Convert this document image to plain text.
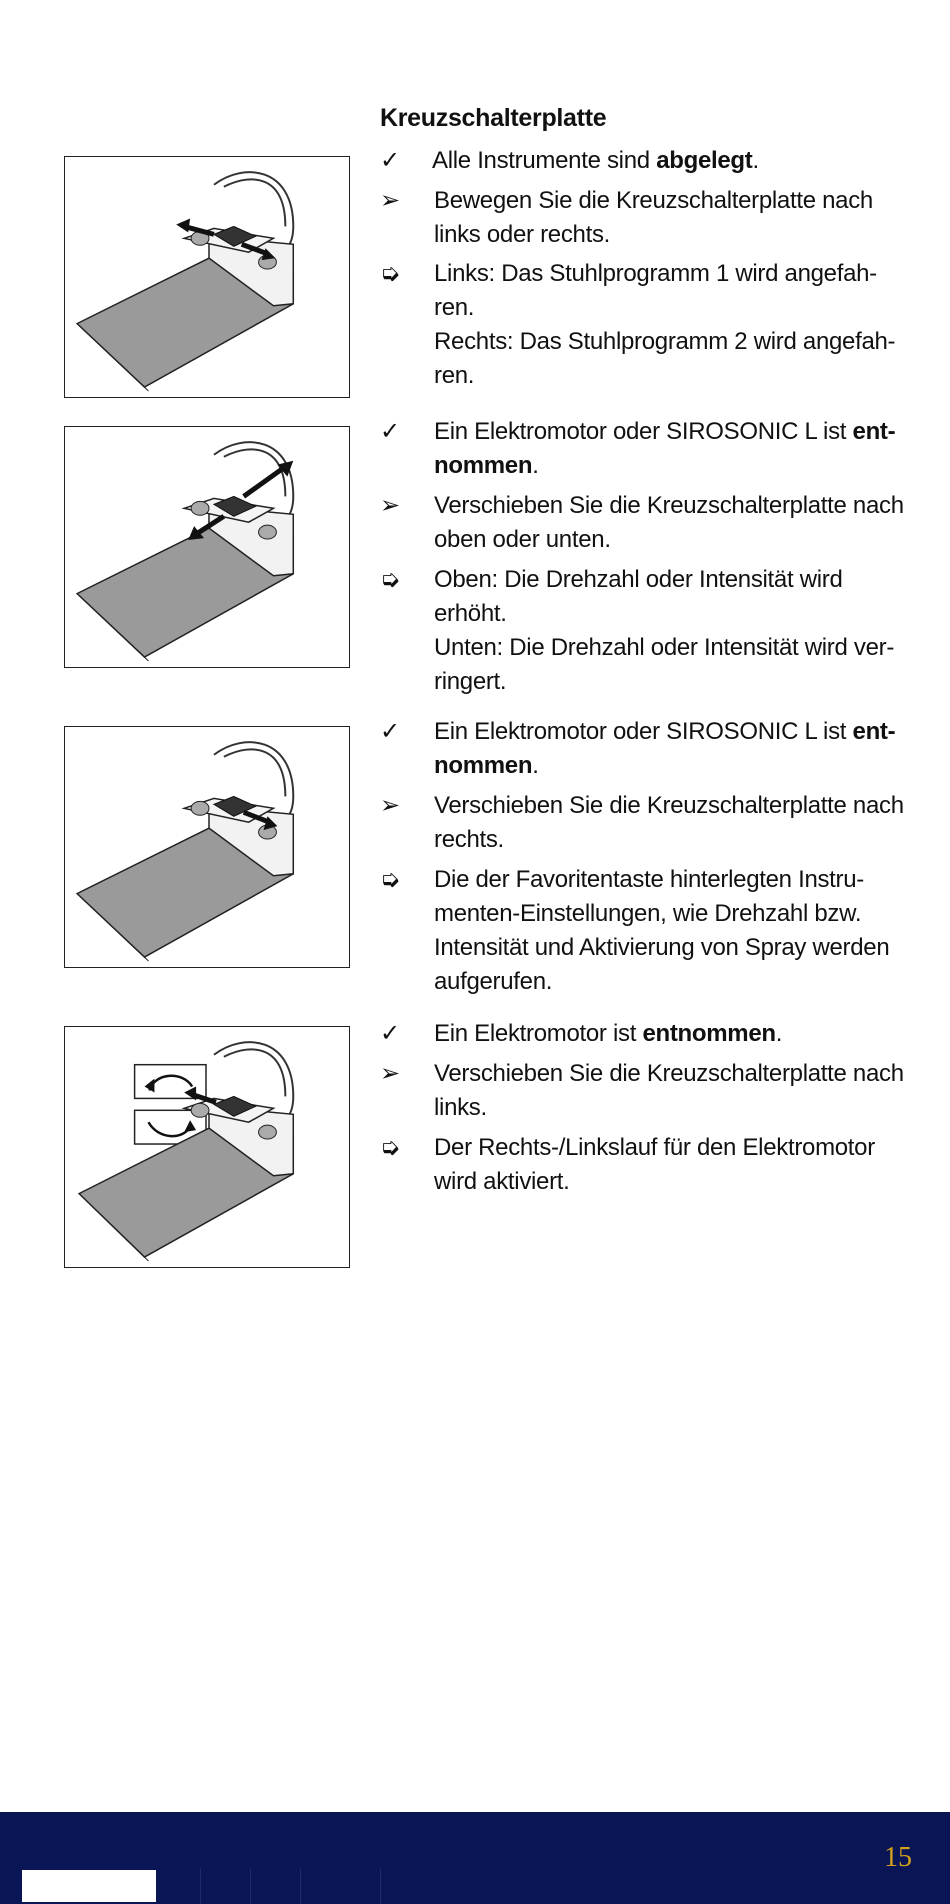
Kreuzschalterplatte
✓	Alle Instrumente sind abgelegt.
➢	Bewegen Sie die Kreuzschalterplatte nach links oder rechts.
➭	Links: Das Stuhlprogramm 1 wird angefah-ren.
Rechts: Das Stuhlprogramm 2 wird angefah-ren.
✓	Ein Elektromotor oder SIROSONIC L ist ent-nommen.
➢	Verschieben Sie die Kreuzschalterplatte nach oben oder unten.
➭	Oben: Die Drehzahl oder Intensität wird erhöht.
Unten: Die Drehzahl oder Intensität wird ver-ringert.
✓	Ein Elektromotor oder SIROSONIC L ist ent-nommen.
➢	Verschieben Sie die Kreuzschalterplatte nach rechts.
➭	Die der Favoritentaste hinterlegten Instru-menten-Einstellungen, wie Drehzahl bzw. Intensität und Aktivierung von Spray werden aufgerufen.
✓	Ein Elektromotor ist entnommen.
➢	Verschieben Sie die Kreuzschalterplatte nach links.
➭	Der Rechts-/Linkslauf für den Elektromotor wird aktiviert.
15
